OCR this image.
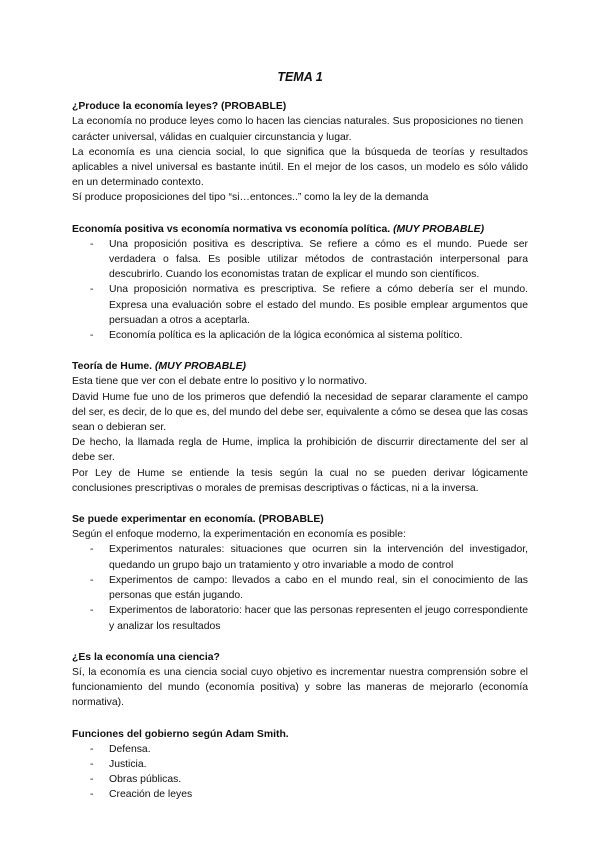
TEMA 1
¿Produce la economía leyes? (PROBABLE)

La economía no produce leyes como lo hacen las ciencias naturales. Sus proposiciones no tienen carácter universal, válidas en cualquier circunstancia y lugar.

La economía es una ciencia social, lo que significa que la búsqueda de teorías y resultados aplicables a nivel universal es bastante inútil. En el mejor de los casos, un modelo es sólo válido en un determinado contexto.

Sí produce proposiciones del tipo “si…entonces..” como la ley de la demanda

Economía positiva vs economía normativa vs economía política. (MUY PROBABLE)
- Una proposición positiva es descriptiva. Se refiere a cómo es el mundo. Puede ser verdadera o falsa. Es posible utilizar métodos de contrastación interpersonal para descubrirlo. Cuando los economistas tratan de explicar el mundo son científicos.
- Una proposición normativa es prescriptiva. Se refiere a cómo debería ser el mundo. Expresa una evaluación sobre el estado del mundo. Es posible emplear argumentos que persuadan a otros a aceptarla.
- Economía política es la aplicación de la lógica económica al sistema político.
Teoría de Hume. (MUY PROBABLE)

Esta tiene que ver con el debate entre lo positivo y lo normativo.

David Hume fue uno de los primeros que defendió la necesidad de separar claramente el campo del ser, es decir, de lo que es, del mundo del debe ser, equivalente a cómo se desea que las cosas sean o debieran ser.

De hecho, la llamada regla de Hume, implica la prohibición de discurrir directamente del ser al debe ser.

Por Ley de Hume se entiende la tesis según la cual no se pueden derivar lógicamente conclusiones prescriptivas o morales de premisas descriptivas o fácticas, ni a la inversa.

Se puede experimentar en economía. (PROBABLE)

Según el enfoque moderno, la experimentación en economía es posible:

- Experimentos naturales: situaciones que ocurren sin la intervención del investigador, quedando un grupo bajo un tratamiento y otro invariable a modo de control
- Experimentos de campo: llevados a cabo en el mundo real, sin el conocimiento de las personas que están jugando.
- Experimentos de laboratorio: hacer que las personas representen el jeugo correspondiente y analizar los resultados
¿Es la economía una ciencia?

Sí, la economía es una ciencia social cuyo objetivo es incrementar nuestra comprensión sobre el funcionamiento del mundo (economía positiva) y sobre las maneras de mejorarlo (economía normativa).

Funciones del gobierno según Adam Smith.
- Defensa.
- Justicia.
- Obras públicas.
- Creación de leyes
